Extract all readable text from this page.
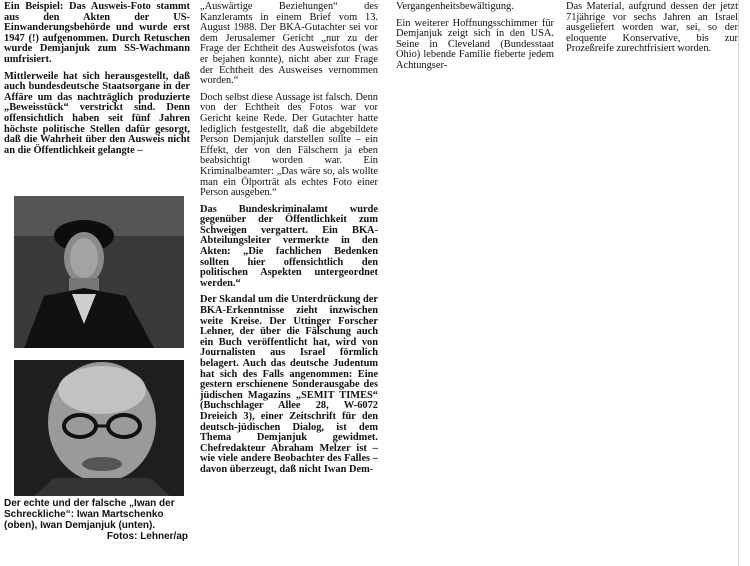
Ein Beispiel: Das Ausweis-Foto stammt aus den Akten der US-Einwanderungsbehörde und wurde erst 1947 (!) aufgenommen. Durch Retuschen wurde Demjanjuk zum SS-Wachmann umfrisiert.

Mittlerweile hat sich herausgestellt, daß auch bundesdeutsche Staatsorgane in der Affäre um das nachträglich produzierte „Beweisstück“ verstrickt sind. Denn offensichtlich haben seit fünf Jahren höchste politische Stellen dafür gesorgt, daß die Wahrheit über den Ausweis nicht an die Öffentlichkeit gelangte –

Der echte und der falsche „Iwan der Schreckliche“: Iwan Martschenko (oben), Iwan Demjanjuk (unten).
Fotos: Lehner/ap

„Auswärtige Beziehungen“ des Kanzleramts in einem Brief vom 13. August 1988. Der BKA-Gutachter sei vor dem Jerusalemer Gericht „nur zu der Frage der Echtheit des Ausweisfotos (was er bejahen konnte), nicht aber zur Frage der Echtheit des Ausweises vernommen worden.“

Doch selbst diese Aussage ist falsch. Denn von der Echtheit des Fotos war vor Gericht keine Rede. Der Gutachter hatte lediglich festgestellt, daß die abgebildete Person Demjanjuk darstellen sollte – ein Effekt, der von den Fälschern ja eben beabsichtigt worden war. Ein Kriminalbeamter: „Das wäre so, als wollte man ein Ölporträt als echtes Foto einer Person ausgeben.“

Das Bundeskriminalamt wurde gegenüber der Öffentlichkeit zum Schweigen vergattert. Ein BKA-Abteilungsleiter vermerkte in den Akten: „Die fachlichen Bedenken sollten hier offensichtlich den politischen Aspekten untergeordnet werden.“

Der Skandal um die Unterdrückung der BKA-Erkenntnisse zieht inzwischen weite Kreise. Der Uttinger Forscher Lehner, der über die Fälschung auch ein Buch veröffentlicht hat, wird von Journalisten aus Israel förmlich belagert. Auch das deutsche Judentum hat sich des Falls angenommen: Eine gestern erschienene Sonderausgabe des jüdischen Magazins „SEMIT TIMES“ (Buchschlager Allee 28, W-6072 Dreieich 3), einer Zeitschrift für den deutsch-jüdischen Dialog, ist dem Thema Demjanjuk gewidmet. Chefredakteur Abraham Melzer ist – wie viele andere Beobachter des Falles – davon überzeugt, daß nicht Iwan Dem-

Vergangenheitsbewältigung.

Ein weiterer Hoffnungsschimmer für Demjanjuk zeigt sich in den USA. Seine in Cleveland (Bundesstaat Ohio) lebende Familie fieberte jedem Achtungser-

Das Material, aufgrund dessen der jetzt 71jährige vor sechs Jahren an Israel ausgeliefert worden war, sei, so der eloquente Konservative, bis zur Prozeßreife zurechtfrisiert worden.
